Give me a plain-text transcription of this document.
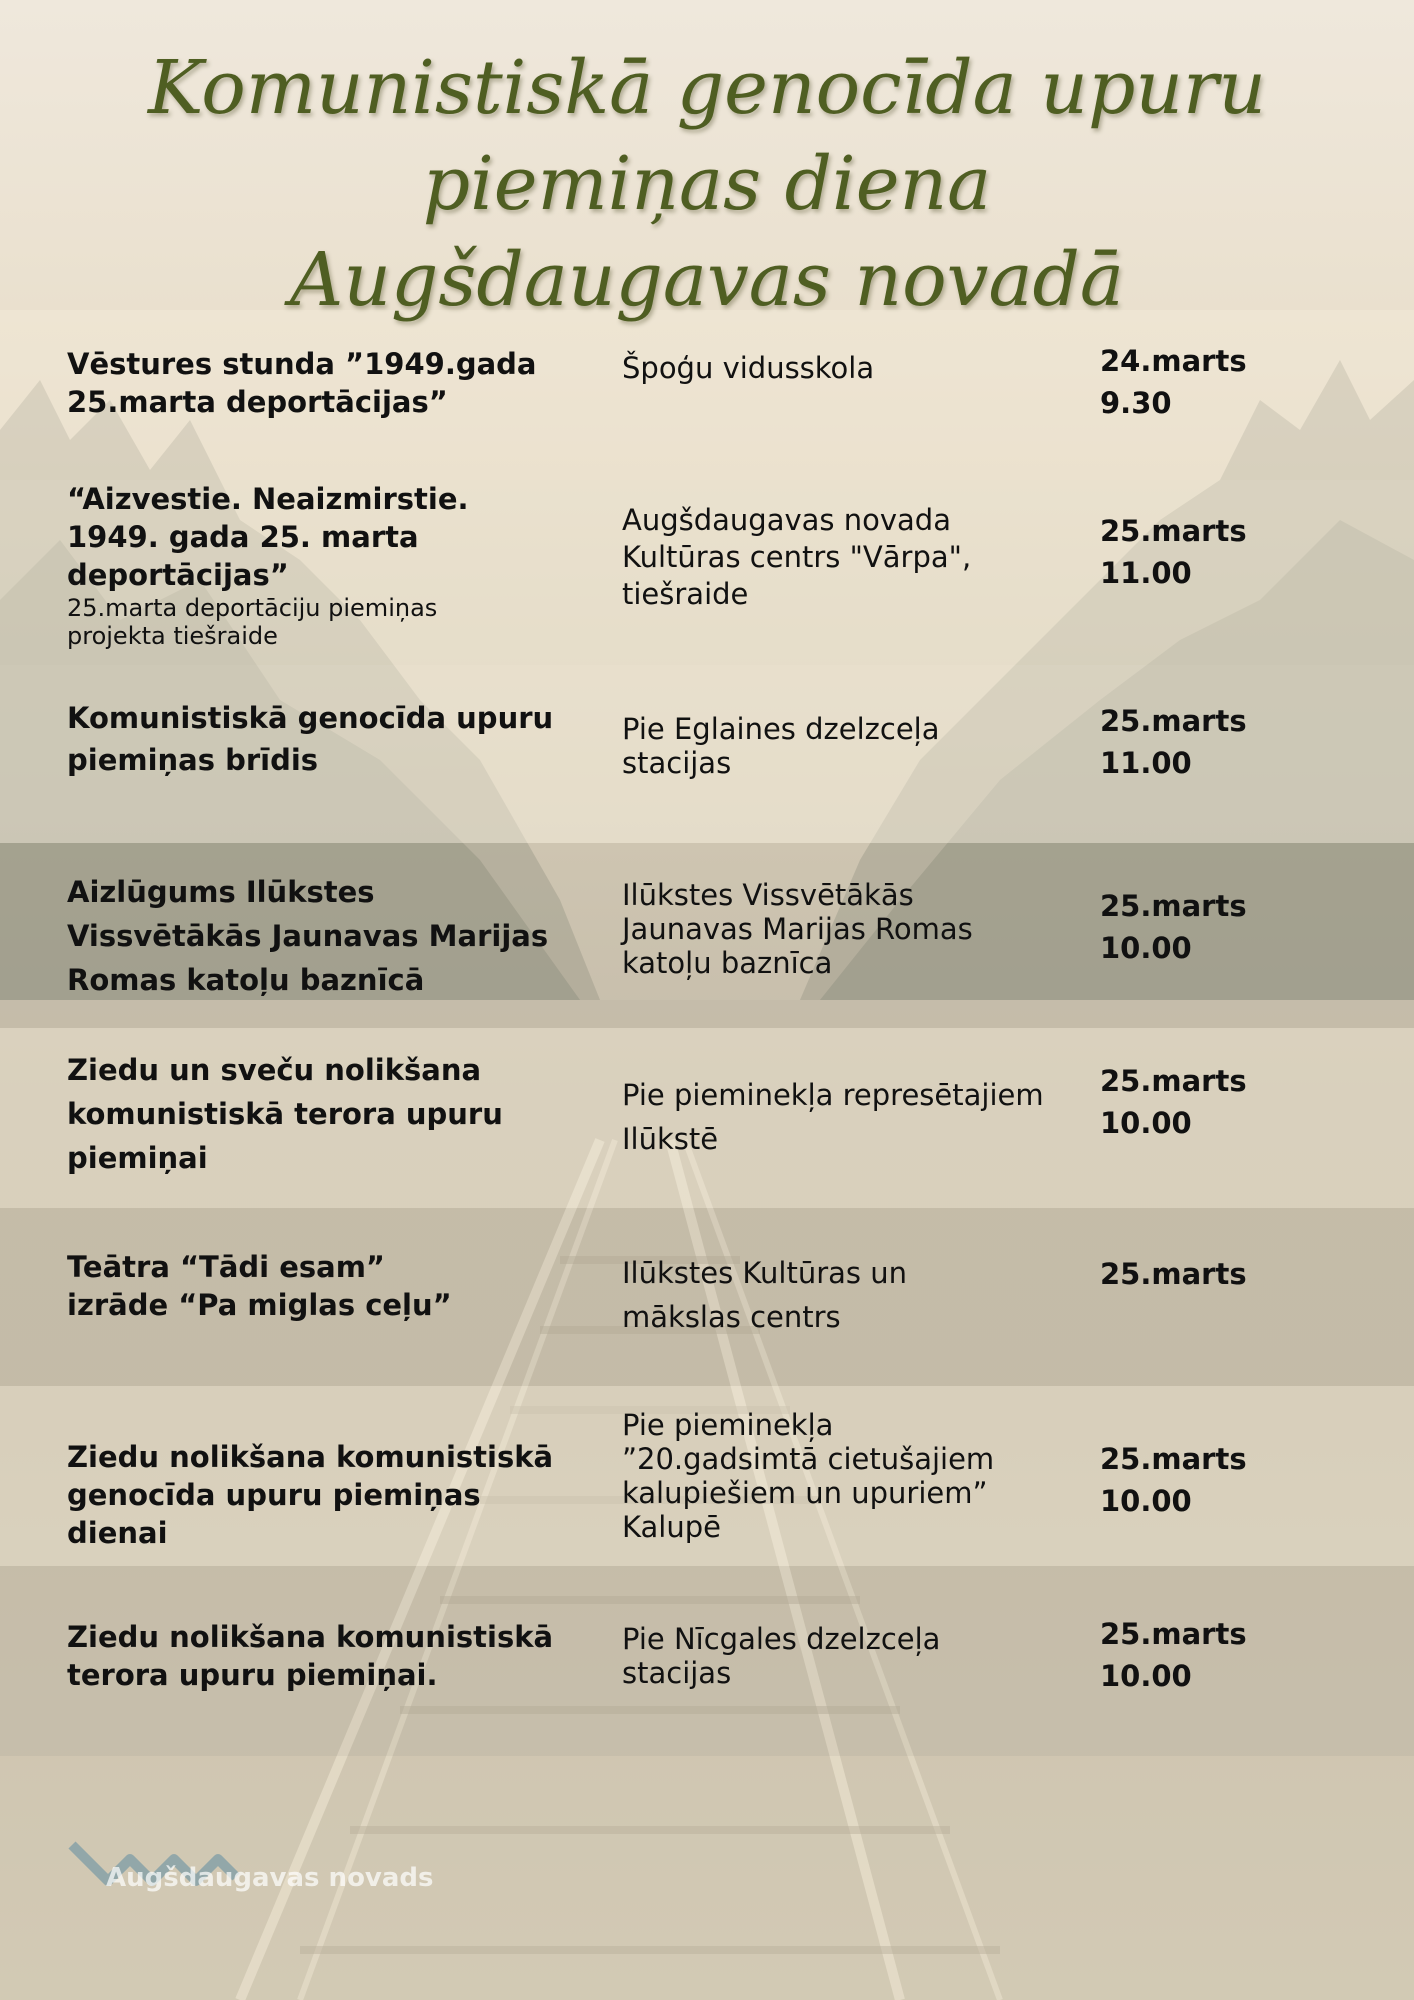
Komunistiskā genocīda upuru
piemiņas diena
Augšdaugavas novadā
Vēstures stunda ”1949.gada 25.marta deportācijas”
Špoģu vidusskola	24.marts
9.30
“Aizvestie. Neaizmirstie. 1949. gada 25. marta deportācijas”
25.marta deportāciju piemiņas projekta tiešraide
Augšdaugavas novada Kultūras centrs "Vārpa", tiešraide
25.marts
11.00
Komunistiskā genocīda upuru piemiņas brīdis
Pie Eglaines dzelzceļa stacijas
25.marts
11.00
Aizlūgums Ilūkstes Vissvētākās Jaunavas Marijas Romas katoļu baznīcā
Ilūkstes Vissvētākās Jaunavas Marijas Romas katoļu baznīca
25.marts
10.00
Ziedu un sveču nolikšana komunistiskā terora upuru piemiņai
Pie pieminekļa represētajiem Ilūkstē
25.marts
10.00
Teātra “Tādi esam” izrāde “Pa miglas ceļu”
Ilūkstes Kultūras un mākslas centrs
25.marts
Ziedu nolikšana komunistiskā genocīda upuru piemiņas dienai
Pie pieminekļa ”20.gadsimtā cietušajiem kalupiešiem un upuriem” Kalupē
25.marts
10.00
Ziedu nolikšana komunistiskā terora upuru piemiņai.
Pie Nīcgales dzelzceļa stacijas
25.marts
10.00
Augšdaugavas novads
